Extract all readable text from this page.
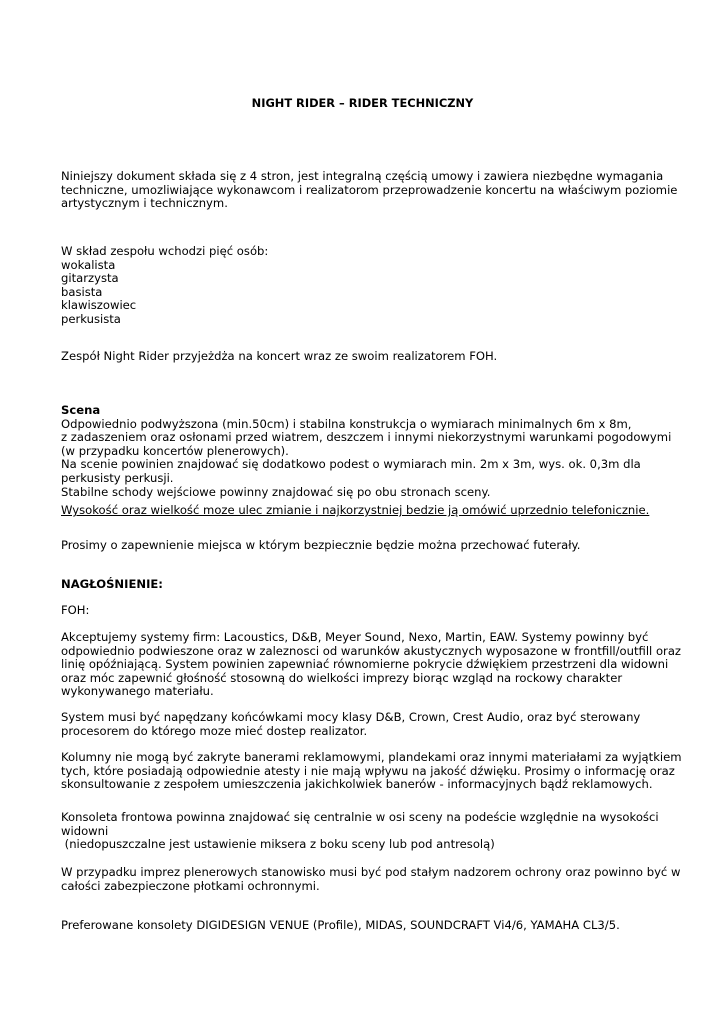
NIGHT RIDER – RIDER TECHNICZNY
Niniejszy dokument składa się z 4 stron, jest integralną częścią umowy i zawiera niezbędne wymagania
techniczne, umozliwiające wykonawcom i realizatorom przeprowadzenie koncertu na właściwym poziomie
artystycznym i technicznym.
W skład zespołu wchodzi pięć osób:
wokalista
gitarzysta
basista
klawiszowiec
perkusista
Zespół Night Rider przyjeżdża na koncert wraz ze swoim realizatorem FOH.
Scena
Odpowiednio podwyższona (min.50cm) i stabilna konstrukcja o wymiarach minimalnych 6m x 8m,
z zadaszeniem oraz osłonami przed wiatrem, deszczem i innymi niekorzystnymi warunkami pogodowymi
(w przypadku koncertów plenerowych).
Na scenie powinien znajdować się dodatkowo podest o wymiarach min. 2m x 3m, wys. ok. 0,3m dla
perkusisty perkusji.
Stabilne schody wejściowe powinny znajdować się po obu stronach sceny.
Wysokość oraz wielkość moze ulec zmianie i najkorzystniej bedzie ją omówić uprzednio telefonicznie.
Prosimy o zapewnienie miejsca w którym bezpiecznie będzie można przechować futerały.
NAGŁOŚNIENIE:
FOH:
Akceptujemy systemy firm: Lacoustics, D&B, Meyer Sound, Nexo, Martin, EAW. Systemy powinny być
odpowiednio podwieszone oraz w zaleznosci od warunków akustycznych wyposazone w frontfill/outfill oraz
linię opóźniającą. System powinien zapewniać równomierne pokrycie dźwiękiem przestrzeni dla widowni
oraz móc zapewnić głośność stosowną do wielkości imprezy biorąc wzgląd na rockowy charakter
wykonywanego materiału.
System musi być napędzany końcówkami mocy klasy D&B, Crown, Crest Audio, oraz być sterowany
procesorem do którego moze mieć dostep realizator.
Kolumny nie mogą być zakryte banerami reklamowymi, plandekami oraz innymi materiałami za wyjątkiem
tych, które posiadają odpowiednie atesty i nie mają wpływu na jakość dźwięku. Prosimy o informację oraz
skonsultowanie z zespołem umieszczenia jakichkolwiek banerów - informacyjnych bądź reklamowych.
Konsoleta frontowa powinna znajdować się centralnie w osi sceny na podeście względnie na wysokości
widowni
(niedopuszczalne jest ustawienie miksera z boku sceny lub pod antresolą)
W przypadku imprez plenerowych stanowisko musi być pod stałym nadzorem ochrony oraz powinno być w
całości zabezpieczone płotkami ochronnymi.
Preferowane konsolety DIGIDESIGN VENUE (Profile), MIDAS, SOUNDCRAFT Vi4/6, YAMAHA CL3/5.
